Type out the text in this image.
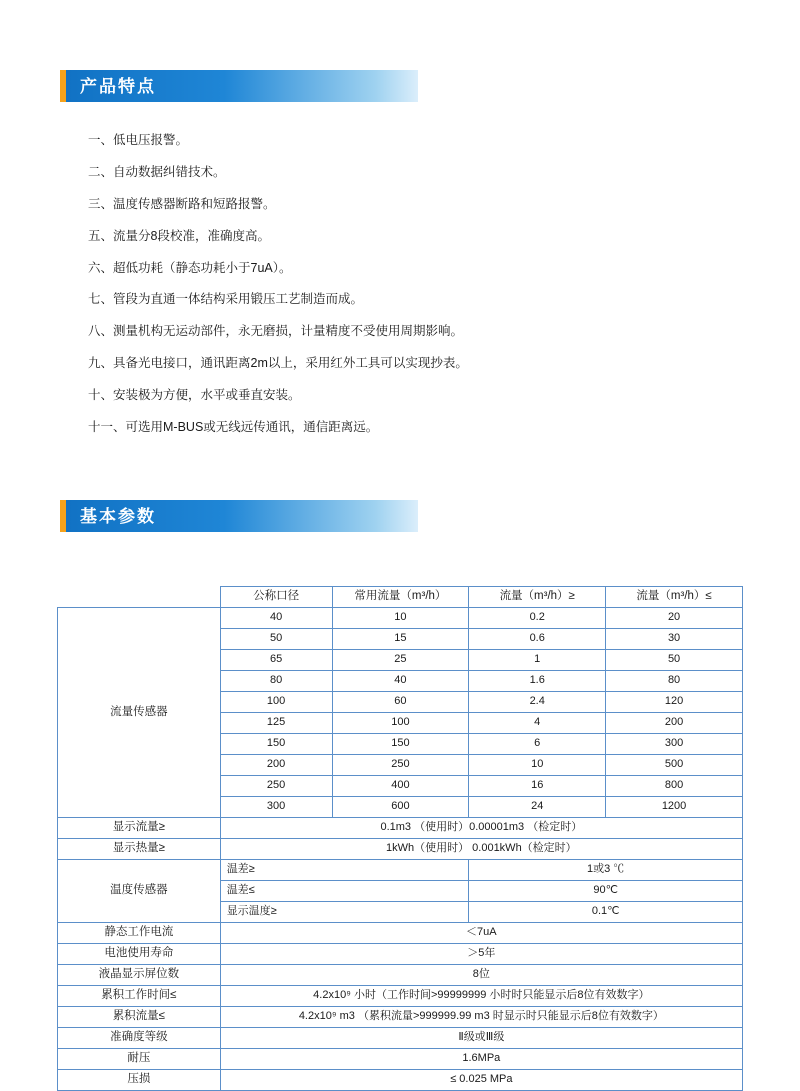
产品特点
一、低电压报警。
二、自动数据纠错技术。
三、温度传感器断路和短路报警。
五、流量分8段校准，准确度高。
六、超低功耗（静态功耗小于7uA）。
七、管段为直通一体结构采用锻压工艺制造而成。
八、测量机构无运动部件，永无磨损，计量精度不受使用周期影响。
九、具备光电接口，通讯距离2m以上，采用红外工具可以实现抄表。
十、安装极为方便，水平或垂直安装。
十一、可选用M-BUS或无线远传通讯，通信距离远。
基本参数
	公称口径	常用流量（m³/h）	流量（m³/h）≥	流量（m³/h）≤
流量传感器	40	10	0.2	20
	50	15	0.6	30
	65	25	1	50
	80	40	1.6	80
	100	60	2.4	120
	125	100	4	200
	150	150	6	300
	200	250	10	500
	250	400	16	800
	300	600	24	1200
显示流量≥	0.1m3 （使用时）0.00001m3 （检定时）			
显示热量≥	1kWh（使用时） 0.001kWh（检定时）			
温度传感器	温差≥		1或3 ℃	
	温差≤		90℃	
	显示温度≥		0.1℃	
静态工作电流	＜7uA			
电池使用寿命	＞5年			
液晶显示屏位数	8位			
累积工作时间≤	4.2x10⁹ 小时（工作时间>99999999 小时时只能显示后8位有效数字）			
累积流量≤	4.2x10⁹ m3 （累积流量>999999.99 m3 时显示时只能显示后8位有效数字）			
准确度等级	Ⅱ级或Ⅲ级			
耐压	1.6MPa			
压损	≤ 0.025 MPa			
